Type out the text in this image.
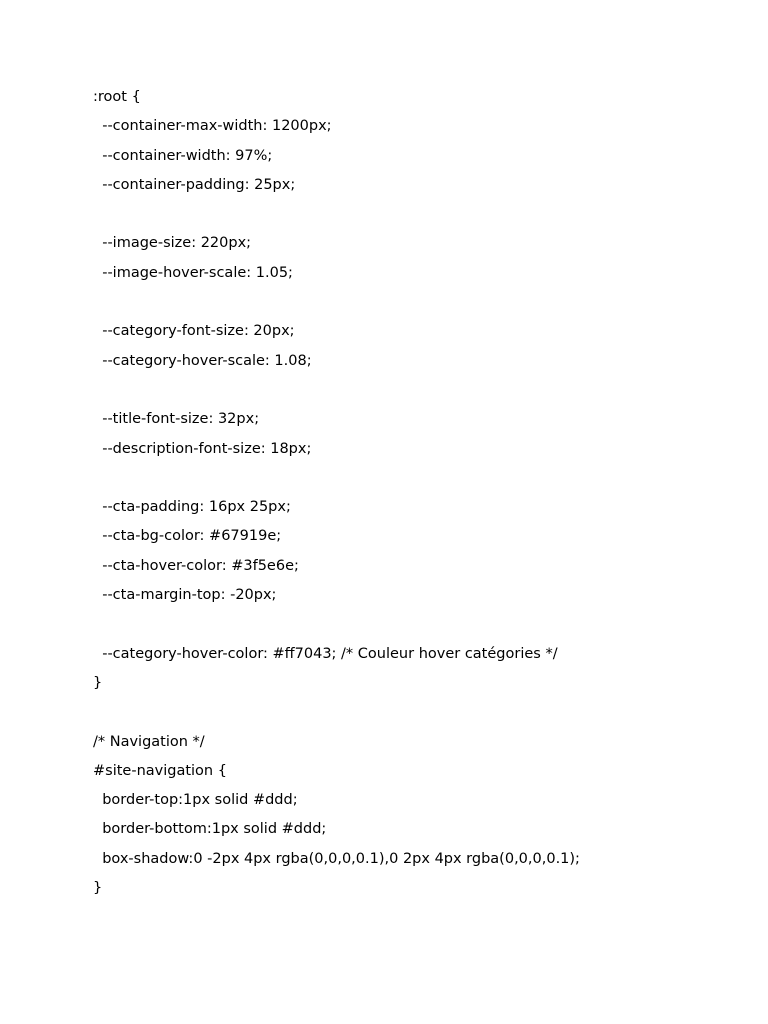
:root {
--container-max-width: 1200px;
--container-width: 97%;
--container-padding: 25px;
--image-size: 220px;
--image-hover-scale: 1.05;
--category-font-size: 20px;
--category-hover-scale: 1.08;
--title-font-size: 32px;
--description-font-size: 18px;
--cta-padding: 16px 25px;
--cta-bg-color: #67919e;
--cta-hover-color: #3f5e6e;
--cta-margin-top: -20px;
--category-hover-color: #ff7043; /* Couleur hover catégories */
}
/* Navigation */
#site-navigation {
border-top:1px solid #ddd;
border-bottom:1px solid #ddd;
box-shadow:0 -2px 4px rgba(0,0,0,0.1),0 2px 4px rgba(0,0,0,0.1);
}
